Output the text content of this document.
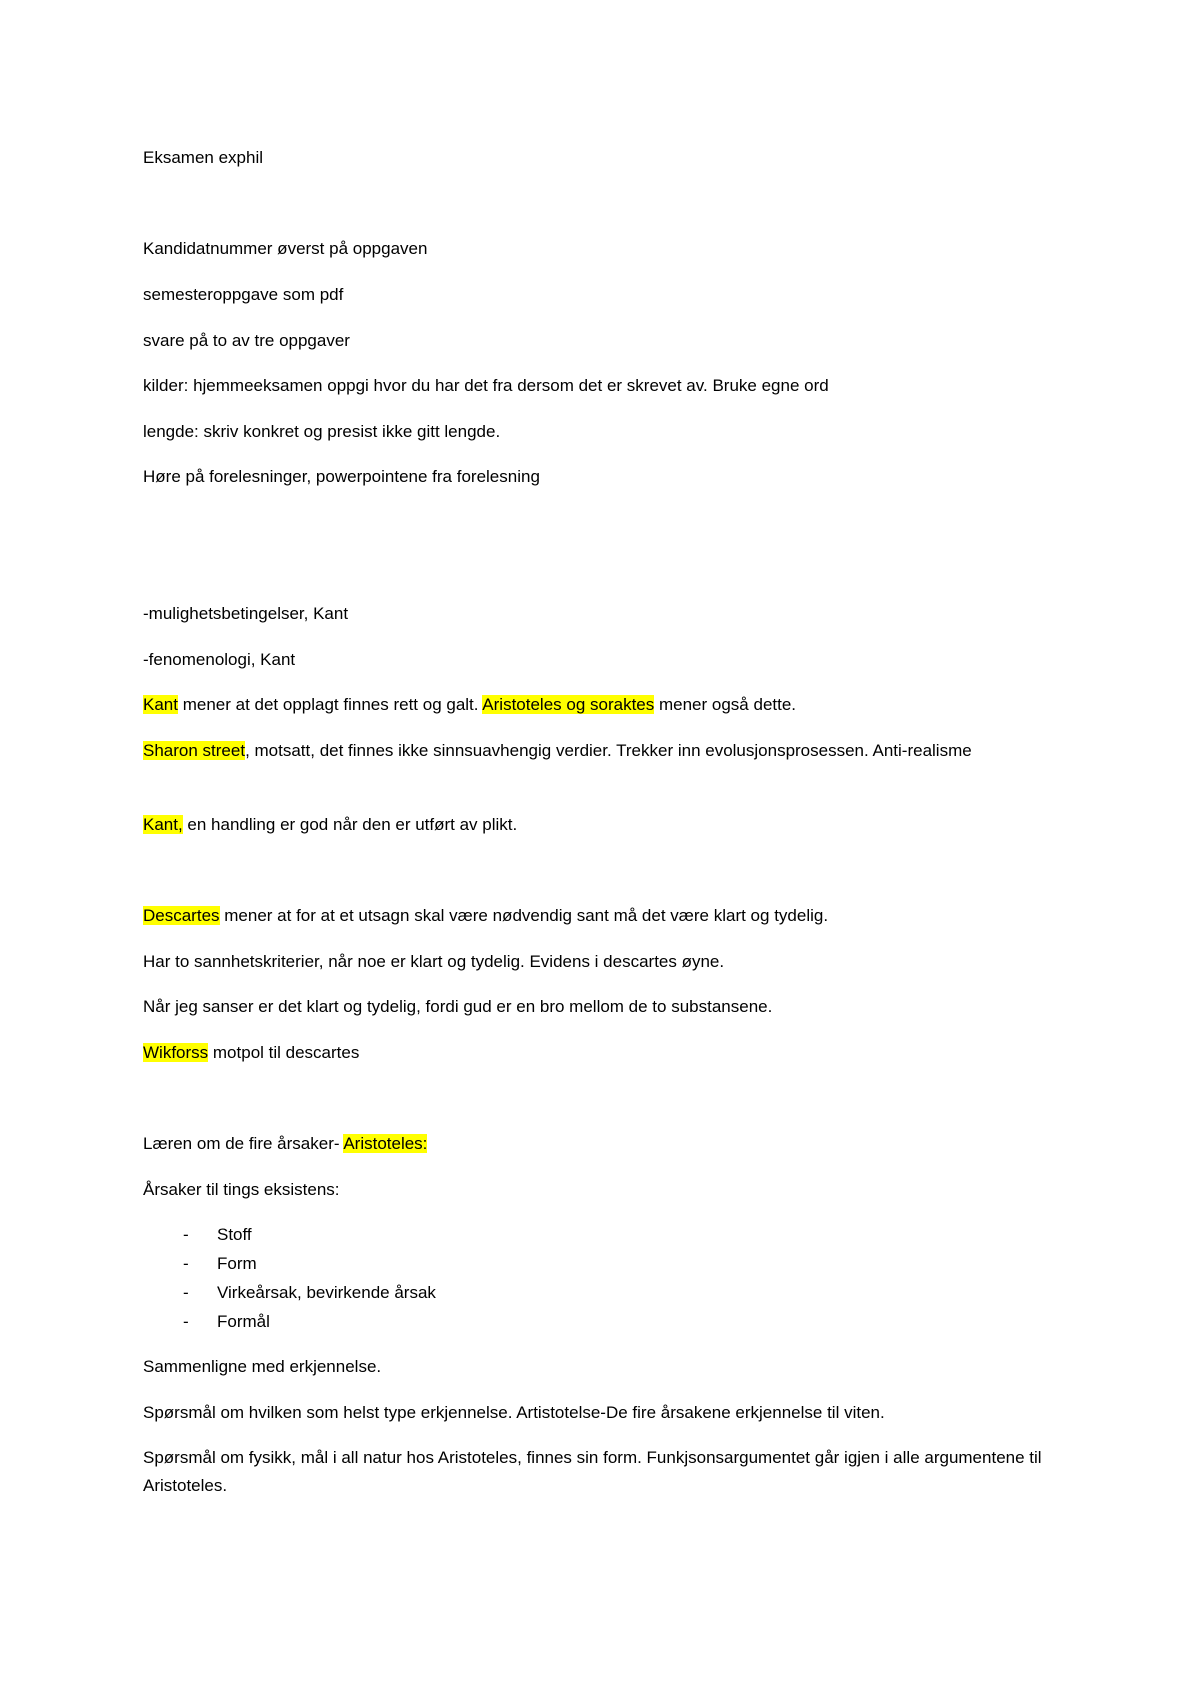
Eksamen exphil
Kandidatnummer øverst på oppgaven
semesteroppgave som pdf
svare på to av tre oppgaver
kilder: hjemmeeksamen oppgi hvor du har det fra dersom det er skrevet av. Bruke egne ord
lengde: skriv konkret og presist ikke gitt lengde.
Høre på forelesninger, powerpointene fra forelesning
-mulighetsbetingelser, Kant
-fenomenologi, Kant
Kant mener at det opplagt finnes rett og galt. Aristoteles og soraktes mener også dette.
Sharon street, motsatt, det finnes ikke sinnsuavhengig verdier. Trekker inn evolusjonsprosessen. Anti-realisme
Kant, en handling er god når den er utført av plikt.
Descartes mener at for at et utsagn skal være nødvendig sant må det være klart og tydelig.
Har to sannhetskriterier, når noe er klart og tydelig. Evidens i descartes øyne.
Når jeg sanser er det klart og tydelig, fordi gud er en bro mellom de to substansene.
Wikforss motpol til descartes
Læren om de fire årsaker- Aristoteles:
Årsaker til tings eksistens:
- Stoff
- Form
- Virkeårsak, bevirkende årsak
- Formål
Sammenligne med erkjennelse.
Spørsmål om hvilken som helst type erkjennelse. Artistotelse-De fire årsakene erkjennelse til viten.
Spørsmål om fysikk, mål i all natur hos Aristoteles, finnes sin form. Funkjsonsargumentet går igjen i alle argumentene til Aristoteles.
